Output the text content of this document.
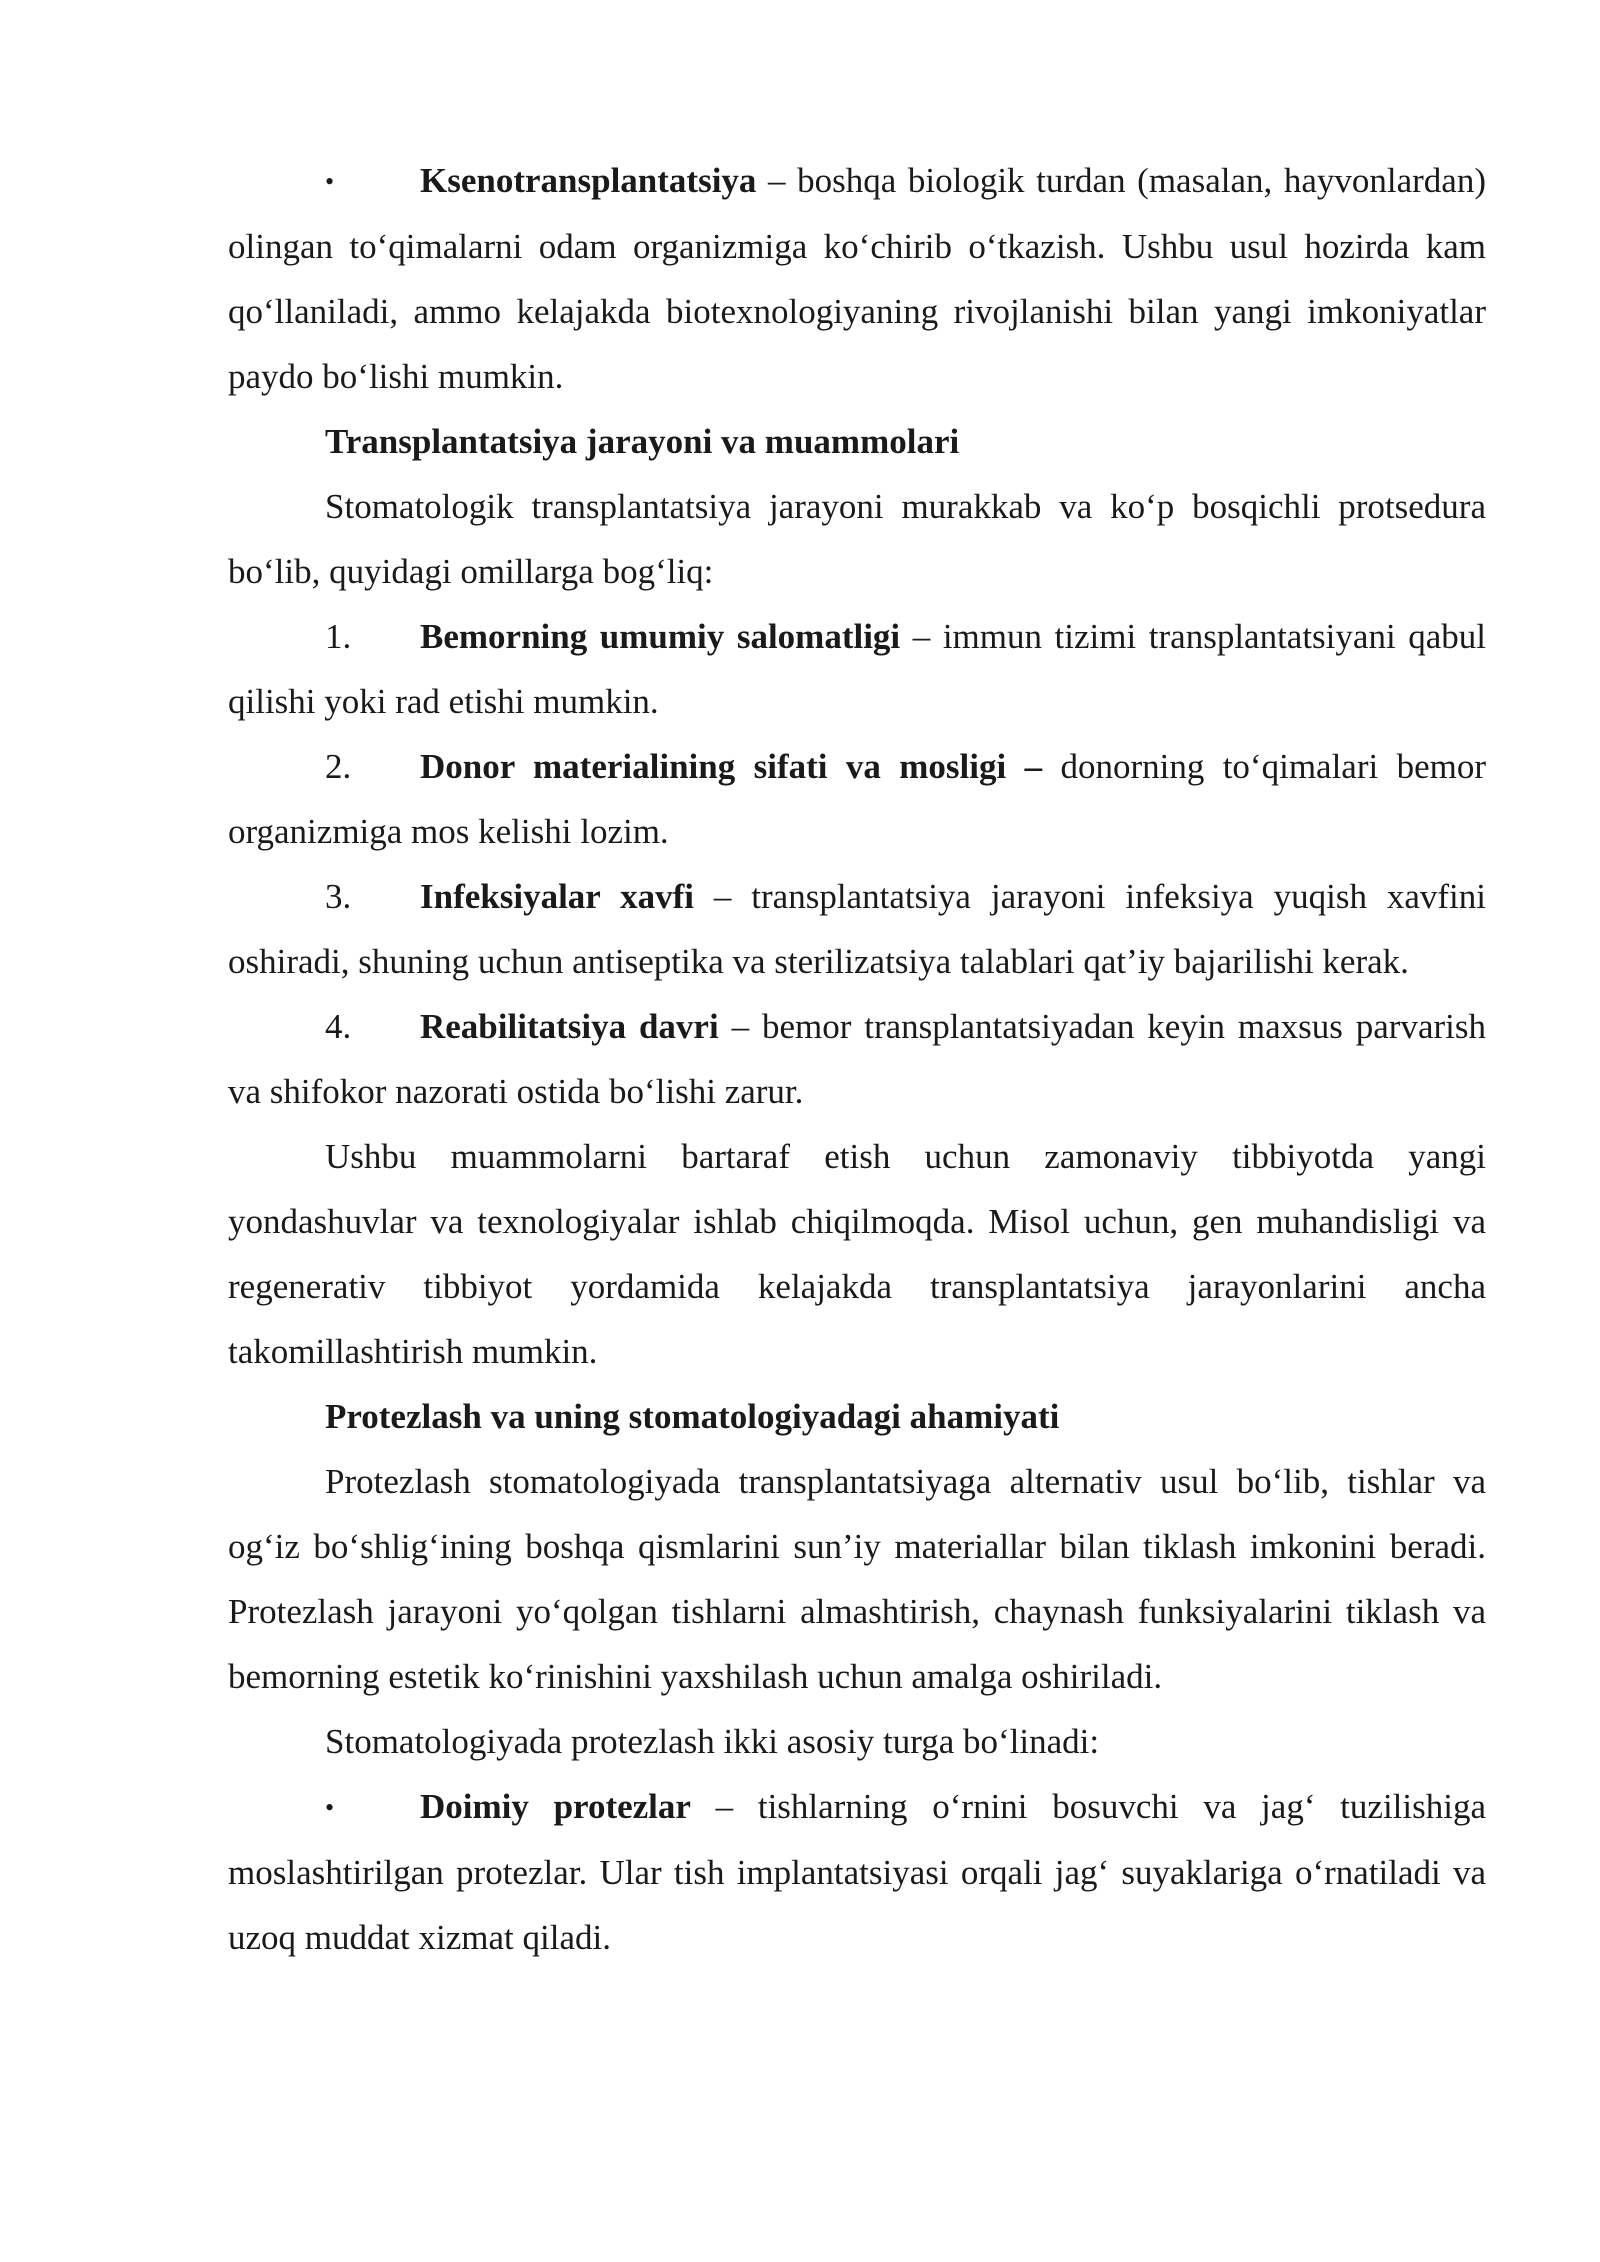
• Ksenotransplantatsiya – boshqa biologik turdan (masalan, hayvonlardan) olingan to‘qimalarni odam organizmiga ko‘chirib o‘tkazish. Ushbu usul hozirda kam qo‘llaniladi, ammo kelajakda biotexnologiyaning rivojlanishi bilan yangi imkoniyatlar paydo bo‘lishi mumkin.

Transplantatsiya jarayoni va muammolari

Stomatologik transplantatsiya jarayoni murakkab va ko‘p bosqichli protsedura bo‘lib, quyidagi omillarga bog‘liq:

1. Bemorning umumiy salomatligi – immun tizimi transplantatsiyani qabul qilishi yoki rad etishi mumkin.

2. Donor materialining sifati va mosligi – donorning to‘qimalari bemor organizmiga mos kelishi lozim.

3. Infeksiyalar xavfi – transplantatsiya jarayoni infeksiya yuqish xavfini oshiradi, shuning uchun antiseptika va sterilizatsiya talablari qat’iy bajarilishi kerak.

4. Reabilitatsiya davri – bemor transplantatsiyadan keyin maxsus parvarish va shifokor nazorati ostida bo‘lishi zarur.

Ushbu muammolarni bartaraf etish uchun zamonaviy tibbiyotda yangi yondashuvlar va texnologiyalar ishlab chiqilmoqda. Misol uchun, gen muhandisligi va regenerativ tibbiyot yordamida kelajakda transplantatsiya jarayonlarini ancha takomillashtirish mumkin.

Protezlash va uning stomatologiyadagi ahamiyati

Protezlash stomatologiyada transplantatsiyaga alternativ usul bo‘lib, tishlar va og‘iz bo‘shlig‘ining boshqa qismlarini sun’iy materiallar bilan tiklash imkonini beradi. Protezlash jarayoni yo‘qolgan tishlarni almashtirish, chaynash funksiyalarini tiklash va bemorning estetik ko‘rinishini yaxshilash uchun amalga oshiriladi.

Stomatologiyada protezlash ikki asosiy turga bo‘linadi:

• Doimiy protezlar – tishlarning o‘rnini bosuvchi va jag‘ tuzilishiga moslashtirilgan protezlar. Ular tish implantatsiyasi orqali jag‘ suyaklariga o‘rnatiladi va uzoq muddat xizmat qiladi.
